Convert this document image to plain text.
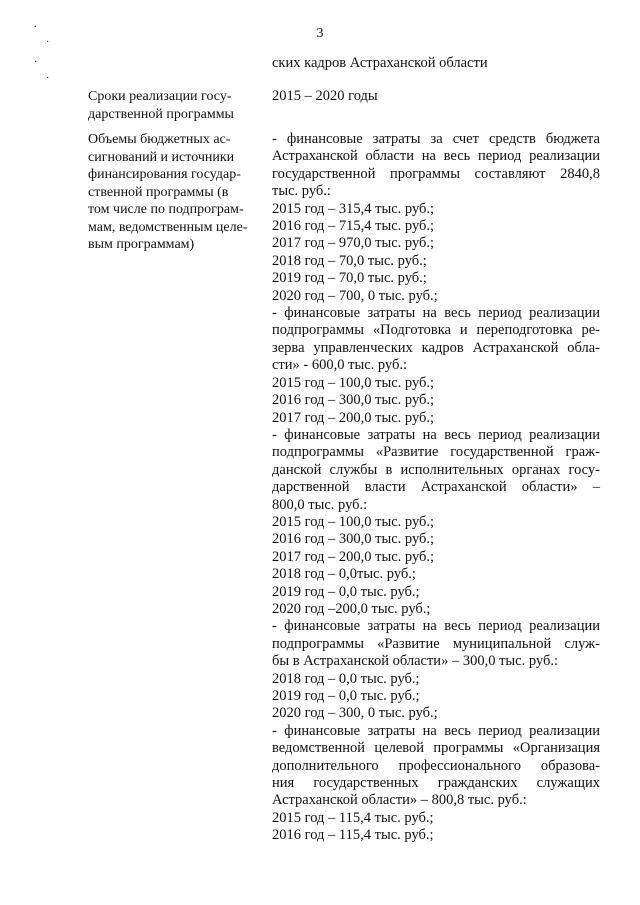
.
·
·
·
3
ских кадров Астраханской области
Сроки реализации госу-
дарственной программы
2015 – 2020 годы
Объемы бюджетных ас-
сигнований и источники
финансирования государ-
ственной программы (в
том числе по подпрограм-
мам, ведомственным целе-
вым программам)
- финансовые затраты за счет средств бюджета
Астраханской области на весь период реализации
государственной программы составляют 2840,8
тыс. руб.:
2015 год – 315,4 тыс. руб.;
2016 год – 715,4 тыс. руб.;
2017 год – 970,0 тыс. руб.;
2018 год – 70,0 тыс. руб.;
2019 год – 70,0 тыс. руб.;
2020 год – 700, 0 тыс. руб.;
- финансовые затраты на весь период реализации
подпрограммы «Подготовка и переподготовка ре-
зерва управленческих кадров Астраханской обла-
сти» - 600,0 тыс. руб.:
2015 год – 100,0 тыс. руб.;
2016 год – 300,0 тыс. руб.;
2017 год – 200,0 тыс. руб.;
- финансовые затраты на весь период реализации
подпрограммы «Развитие государственной граж-
данской службы в исполнительных органах госу-
дарственной власти Астраханской области» –
800,0 тыс. руб.:
2015 год – 100,0 тыс. руб.;
2016 год – 300,0 тыс. руб.;
2017 год – 200,0 тыс. руб.;
2018 год – 0,0тыс. руб.;
2019 год – 0,0 тыс. руб.;
2020 год –200,0 тыс. руб.;
- финансовые затраты на весь период реализации
подпрограммы «Развитие муниципальной служ-
бы в Астраханской области» – 300,0 тыс. руб.:
2018 год – 0,0 тыс. руб.;
2019 год – 0,0 тыс. руб.;
2020 год – 300, 0 тыс. руб.;
- финансовые затраты на весь период реализации
ведомственной целевой программы «Организация
дополнительного профессионального образова-
ния государственных гражданских служащих
Астраханской области» – 800,8 тыс. руб.:
2015 год – 115,4 тыс. руб.;
2016 год – 115,4 тыс. руб.;
